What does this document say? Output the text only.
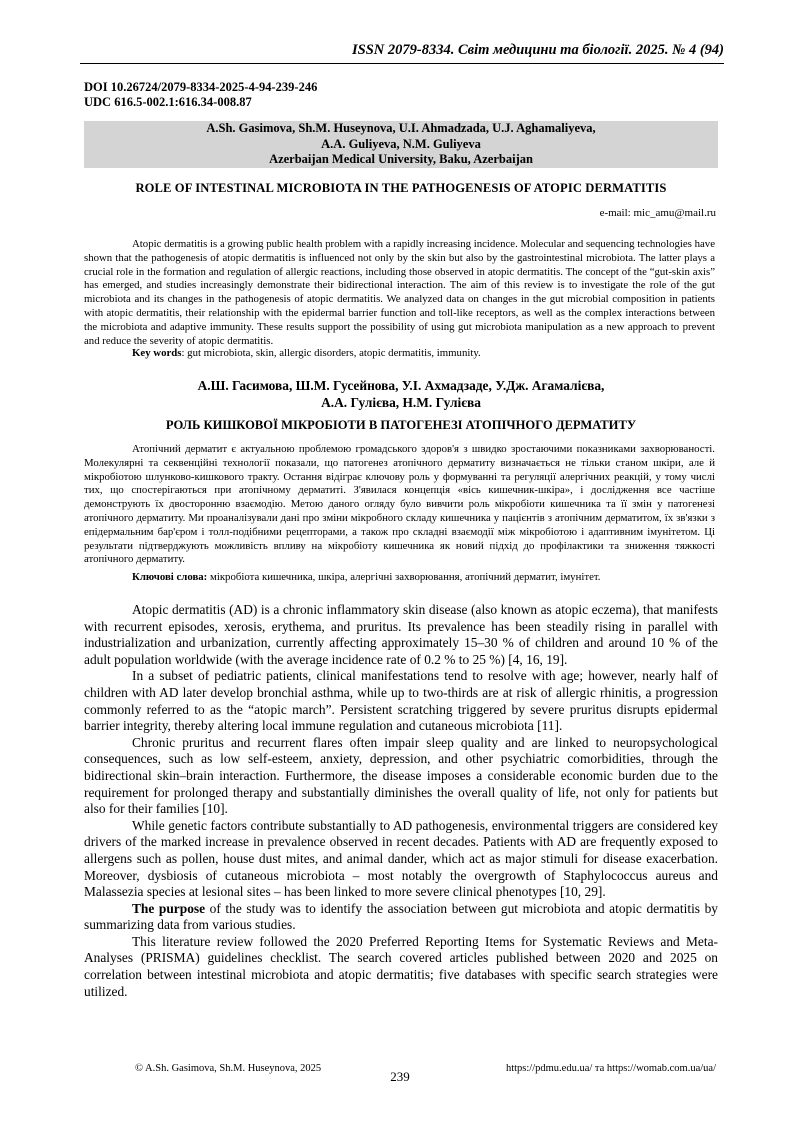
ISSN 2079-8334. Світ медицини та біології. 2025. № 4 (94)
DOI 10.26724/2079-8334-2025-4-94-239-246
UDC 616.5-002.1:616.34-008.87
A.Sh. Gasimova, Sh.M. Huseynova, U.I. Ahmadzada, U.J. Aghamaliyeva,
A.A. Guliyeva, N.M. Guliyeva
Azerbaijan Medical University, Baku, Azerbaijan
ROLE OF INTESTINAL MICROBIOTA IN THE PATHOGENESIS OF ATOPIC DERMATITIS
e-mail: mic_amu@mail.ru

Atopic dermatitis is a growing public health problem with a rapidly increasing incidence. Molecular and sequencing technologies have shown that the pathogenesis of atopic dermatitis is influenced not only by the skin but also by the gastrointestinal microbiota. The latter plays a crucial role in the formation and regulation of allergic reactions, including those observed in atopic dermatitis. The concept of the “gut-skin axis” has emerged, and studies increasingly demonstrate their bidirectional interaction. The aim of this review is to investigate the role of the gut microbiota and its changes in the pathogenesis of atopic dermatitis. We analyzed data on changes in the gut microbial composition in patients with atopic dermatitis, their relationship with the epidermal barrier function and toll-like receptors, as well as the complex interactions between the microbiota and adaptive immunity. These results support the possibility of using gut microbiota manipulation as a new approach to prevent and reduce the severity of atopic dermatitis.

Key words: gut microbiota, skin, allergic disorders, atopic dermatitis, immunity.

А.Ш. Гасимова, Ш.М. Гусейнова, У.І. Ахмадзаде, У.Дж. Агамалієва,
А.А. Гулієва, Н.М. Гулієва
РОЛЬ КИШКОВОЇ МІКРОБІОТИ В ПАТОГЕНЕЗІ АТОПІЧНОГО ДЕРМАТИТУ

Атопічний дерматит є актуальною проблемою громадського здоров'я з швидко зростаючими показниками захворюваності. Молекулярні та секвенційні технології показали, що патогенез атопічного дерматиту визначається не тільки станом шкіри, але й мікробіотою шлунково-кишкового тракту. Остання відіграє ключову роль у формуванні та регуляції алергічних реакцій, у тому числі тих, що спостерігаються при атопічному дерматиті. З'явилася концепція «вісь кишечник-шкіра», і дослідження все частіше демонструють їх двосторонню взаємодію. Метою даного огляду було вивчити роль мікробіоти кишечника та її змін у патогенезі атопічного дерматиту. Ми проаналізували дані про зміни мікробного складу кишечника у пацієнтів з атопічним дерматитом, їх зв'язки з епідермальним бар'єром і толл-подібними рецепторами, а також про складні взаємодії між мікробіотою і адаптивним імунітетом. Ці результати підтверджують можливість впливу на мікробіоту кишечника як новий підхід до профілактики та зниження тяжкості атопічного дерматиту.

Ключові слова: мікробіота кишечника, шкіра, алергічні захворювання, атопічний дерматит, імунітет.

Atopic dermatitis (AD) is a chronic inflammatory skin disease (also known as atopic eczema), that manifests with recurrent episodes, xerosis, erythema, and pruritus. Its prevalence has been steadily rising in parallel with industrialization and urbanization, currently affecting approximately 15–30 % of children and around 10 % of the adult population worldwide (with the average incidence rate of 0.2 % to 25 %) [4, 16, 19].

In a subset of pediatric patients, clinical manifestations tend to resolve with age; however, nearly half of children with AD later develop bronchial asthma, while up to two-thirds are at risk of allergic rhinitis, a progression commonly referred to as the “atopic march”. Persistent scratching triggered by severe pruritus disrupts epidermal barrier integrity, thereby altering local immune regulation and cutaneous microbiota [11].

Chronic pruritus and recurrent flares often impair sleep quality and are linked to neuropsychological consequences, such as low self-esteem, anxiety, depression, and other psychiatric comorbidities, through the bidirectional skin–brain interaction. Furthermore, the disease imposes a considerable economic burden due to the requirement for prolonged therapy and substantially diminishes the overall quality of life, not only for patients but also for their families [10].

While genetic factors contribute substantially to AD pathogenesis, environmental triggers are considered key drivers of the marked increase in prevalence observed in recent decades. Patients with AD are frequently exposed to allergens such as pollen, house dust mites, and animal dander, which act as major stimuli for disease exacerbation. Moreover, dysbiosis of cutaneous microbiota – most notably the overgrowth of Staphylococcus aureus and Malassezia species at lesional sites – has been linked to more severe clinical phenotypes [10, 29].

The purpose of the study was to identify the association between gut microbiota and atopic dermatitis by summarizing data from various studies.

This literature review followed the 2020 Preferred Reporting Items for Systematic Reviews and Meta-Analyses (PRISMA) guidelines checklist. The search covered articles published between 2020 and 2025 on correlation between intestinal microbiota and atopic dermatitis; five databases with specific search strategies were utilized.

© A.Sh. Gasimova, Sh.M. Huseynova, 2025
239
https://pdmu.edu.ua/ та https://womab.com.ua/ua/
